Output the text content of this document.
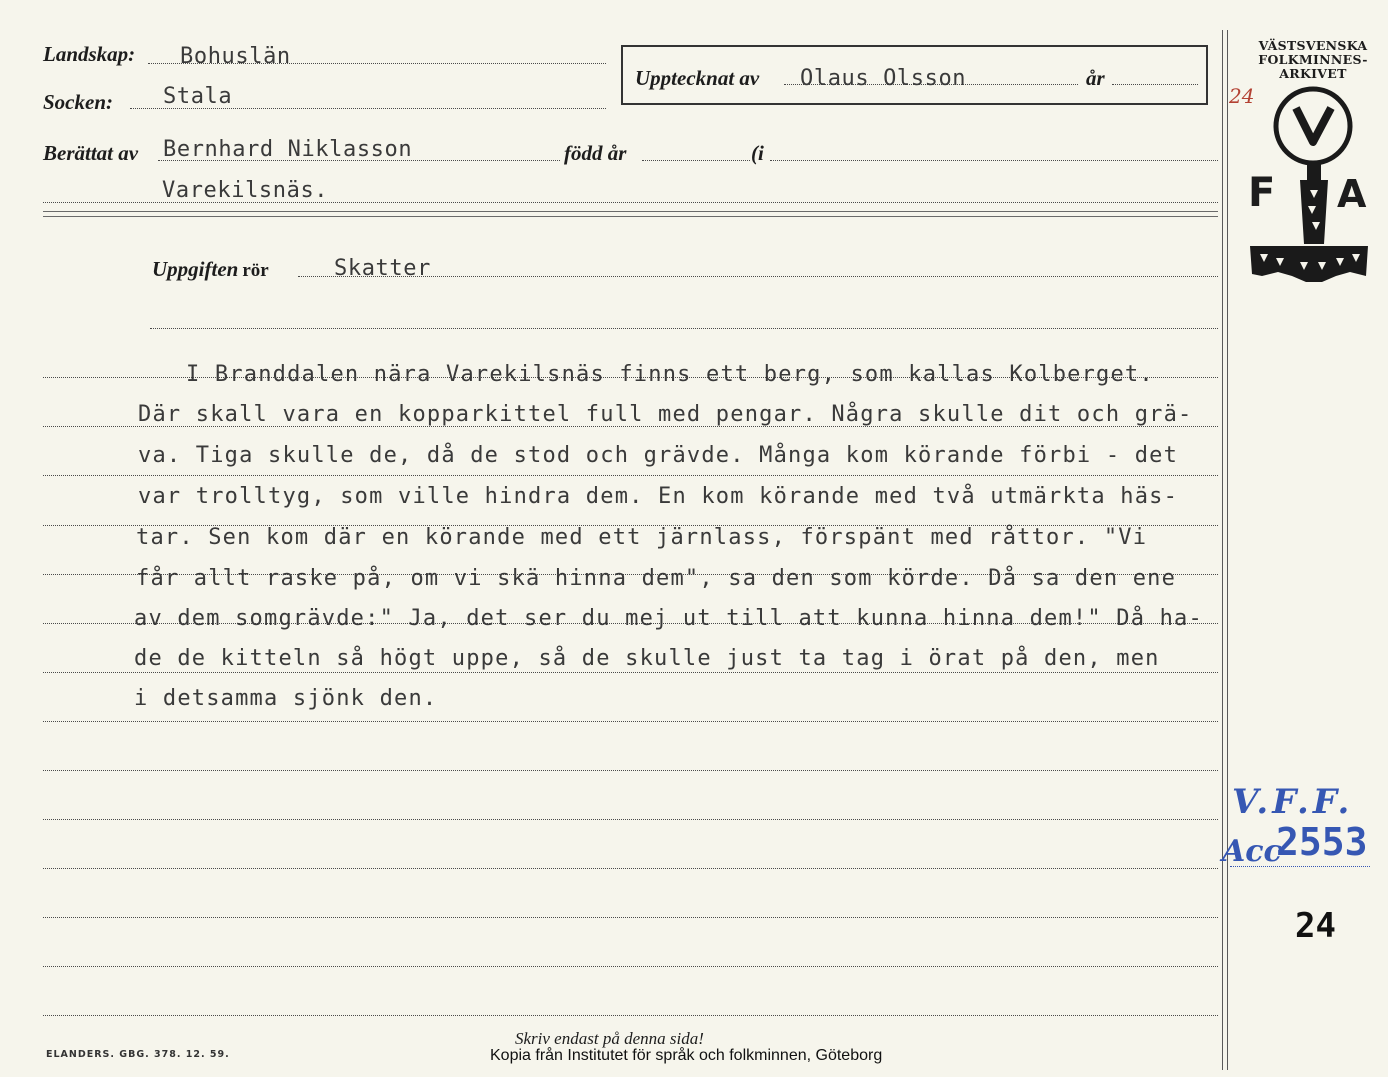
Landskap: Bohuslän
Socken: Stala
Upptecknat av Olaus Olsson	år
Berättat av Bernhard Niklasson	född år	(i
Varekilsnäs.
Uppgiften rör	Skatter
I Branddalen nära Varekilsnäs finns ett berg, som kallas Kolberget.
Där skall vara en kopparkittel full med pengar. Några skulle dit och grä-
va. Tiga skulle de, då de stod och grävde. Många kom körande förbi - det
var trolltyg, som ville hindra dem. En kom körande med två utmärkta häs-
tar. Sen kom där en körande med ett järnlass, förspänt med råttor. "Vi
får allt raske på, om vi skä hinna dem", sa den som körde. Då sa den ene
av dem somgrävde:" Ja, det ser du mej ut till att kunna hinna dem!" Då ha-
de de kitteln så högt uppe, så de skulle just ta tag i örat på den, men
i detsamma sjönk den.
VÄSTSVENSKA
FOLKMINNES-
ARKIVET
24
F A
V.F.F.
Acc
2553
24
Skriv endast på denna sida!
ELANDERS. GBG. 378. 12. 59.	Kopia från Institutet för språk och folkminnen, Göteborg
